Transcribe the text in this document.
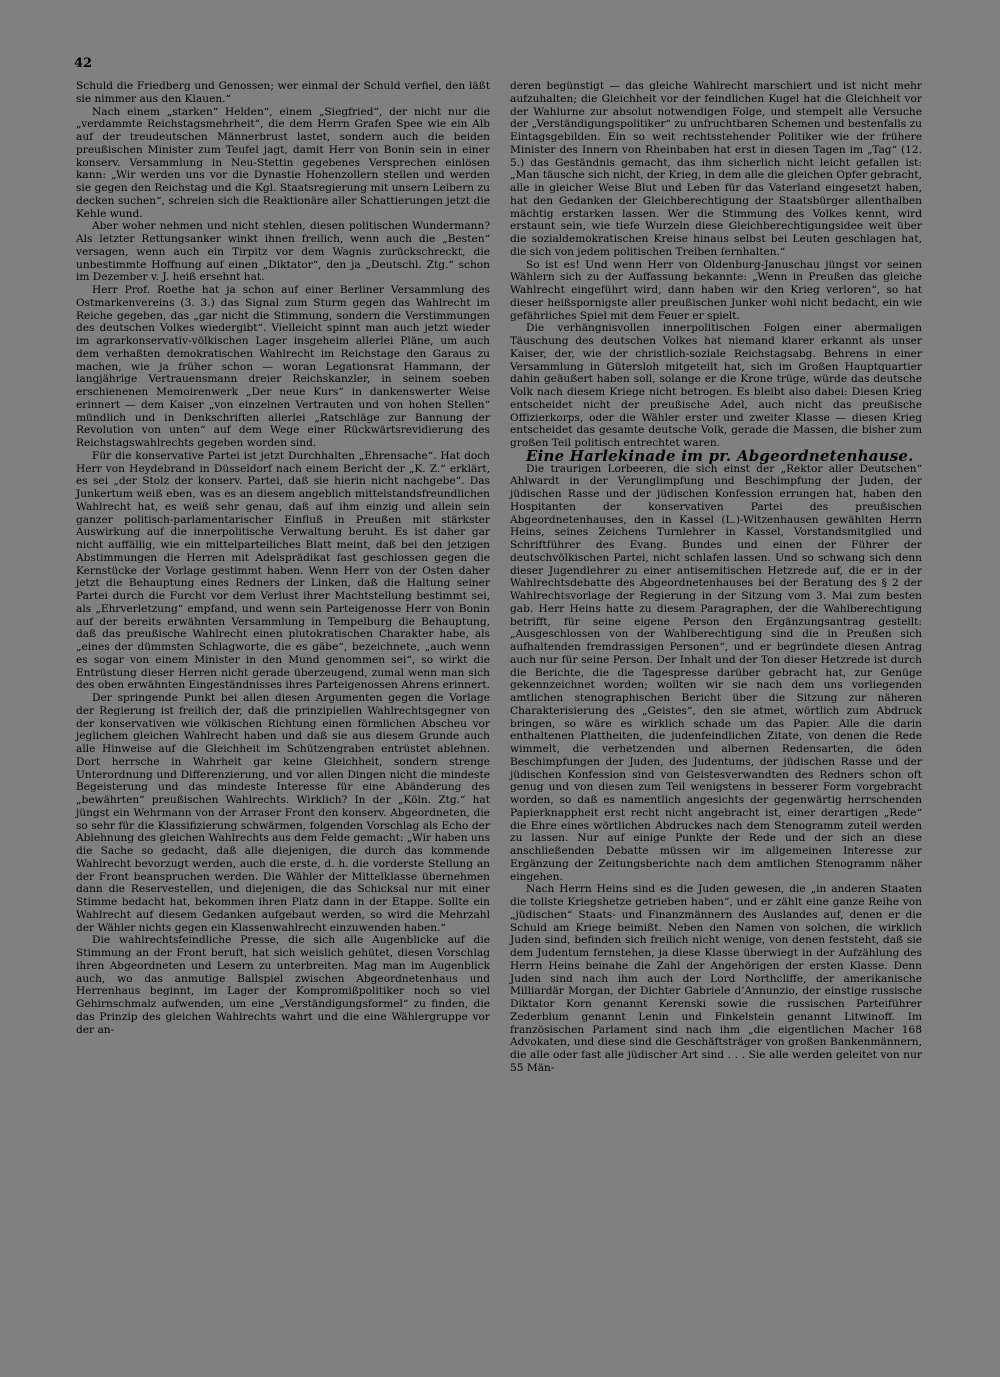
42

Schuld die Friedberg und Genossen; wer einmal der Schuld verfiel, den läßt sie nimmer aus den Klauen.“

Nach einem „starken“ Helden“, einem „Siegfried“, der nicht nur die „verdammte Reichstagsmehrheit“, die dem Herrn Grafen Spee wie ein Alb auf der treudeutschen Männerbrust lastet, sondern auch die beiden preußischen Minister zum Teufel jagt, damit Herr von Bonin sein in einer konserv. Versammlung in Neu-Stettin gegebenes Versprechen einlösen kann: „Wir werden uns vor die Dynastie Hohenzollern stellen und werden sie gegen den Reichstag und die Kgl. Staatsregierung mit unsern Leibern zu decken suchen“, schreien sich die Reaktionäre aller Schattierungen jetzt die Kehle wund.

Aber woher nehmen und nicht stehlen, diesen politischen Wundermann? Als letzter Rettungsanker winkt ihnen freilich, wenn auch die „Besten“ versagen, wenn auch ein Tirpitz vor dem Wagnis zurückschreckt, die unbestimmte Hoffnung auf einen „Diktator“, den ja „Deutschl. Ztg.“ schon im Dezember v. J. heiß ersehnt hat.

Herr Prof. Roethe hat ja schon auf einer Berliner Versammlung des Ostmarkenvereins (3. 3.) das Signal zum Sturm gegen das Wahlrecht im Reiche gegeben, das „gar nicht die Stimmung, sondern die Verstimmungen des deutschen Volkes wiedergibt“. Vielleicht spinnt man auch jetzt wieder im agrarkonservativ-völkischen Lager insgeheim allerlei Pläne, um auch dem verhaßten demokratischen Wahlrecht im Reichstage den Garaus zu machen, wie ja früher schon — woran Legationsrat Hammann, der langjährige Vertrauensmann dreier Reichskanzler, in seinem soeben erschienenen Memoirenwerk „Der neue Kurs“ in dankenswerter Weise erinnert — dem Kaiser „von einzelnen Vertrauten und von hohen Stellen“ mündlich und in Denkschriften allerlei „Ratschläge zur Bannung der Revolution von unten“ auf dem Wege einer Rückwärtsrevidierung des Reichstagswahlrechts gegeben worden sind.

Für die konservative Partei ist jetzt Durchhalten „Ehrensache“. Hat doch Herr von Heydebrand in Düsseldorf nach einem Bericht der „K. Z.“ erklärt, es sei „der Stolz der konserv. Partei, daß sie hierin nicht nachgebe“. Das Junkertum weiß eben, was es an diesem angeblich mittelstandsfreundlichen Wahlrecht hat, es weiß sehr genau, daß auf ihm einzig und allein sein ganzer politisch-parlamentarischer Einfluß in Preußen mit stärkster Auswirkung auf die innerpolitische Verwaltung beruht. Es ist daher gar nicht auffällig, wie ein mittelparteiliches Blatt meint, daß bei den jetzigen Abstimmungen die Herren mit Adelsprädikat fast geschlossen gegen die Kernstücke der Vorlage gestimmt haben. Wenn Herr von der Osten daher jetzt die Behauptung eines Redners der Linken, daß die Haltung seiner Partei durch die Furcht vor dem Verlust ihrer Machtstellung bestimmt sei, als „Ehrverletzung“ empfand, und wenn sein Parteigenosse Herr von Bonin auf der bereits erwähnten Versammlung in Tempelburg die Behauptung, daß das preußische Wahlrecht einen plutokratischen Charakter habe, als „eines der dümmsten Schlagworte, die es gäbe“, bezeichnete, „auch wenn es sogar von einem Minister in den Mund genommen sei“, so wirkt die Entrüstung dieser Herren nicht gerade überzeugend, zumal wenn man sich des oben erwähnten Eingeständnisses ihres Parteigenossen Ahrens erinnert.

Der springende Punkt bei allen diesen Argumenten gegen die Vorlage der Regierung ist freilich der, daß die prinzipiellen Wahlrechtsgegner von der konservativen wie völkischen Richtung einen förmlichen Abscheu vor jeglichem gleichen Wahlrecht haben und daß sie aus diesem Grunde auch alle Hinweise auf die Gleichheit im Schützengraben entrüstet ablehnen. Dort herrsche in Wahrheit gar keine Gleichheit, sondern strenge Unterordnung und Differenzierung, und vor allen Dingen nicht die mindeste Begeisterung und das mindeste Interesse für eine Abänderung des „bewährten“ preußischen Wahlrechts. Wirklich? In der „Köln. Ztg.“ hat jüngst ein Wehrmann von der Arraser Front den konserv. Abgeordneten, die so sehr für die Klassifizierung schwärmen, folgenden Vorschlag als Echo der Ablehnung des gleichen Wahlrechts aus dem Felde gemacht: „Wir haben uns die Sache so gedacht, daß alle diejenigen, die durch das kommende Wahlrecht bevorzugt werden, auch die erste, d. h. die vorderste Stellung an der Front beanspruchen werden. Die Wähler der Mittelklasse übernehmen dann die Reservestellen, und diejenigen, die das Schicksal nur mit einer Stimme bedacht hat, bekommen ihren Platz dann in der Etappe. Sollte ein Wahlrecht auf diesem Gedanken aufgebaut werden, so wird die Mehrzahl der Wähler nichts gegen ein Klassenwahlrecht einzuwenden haben.“

Die wahlrechtsfeindliche Presse, die sich alle Augenblicke auf die Stimmung an der Front beruft, hat sich weislich gehütet, diesen Vorschlag ihren Abgeordneten und Lesern zu unterbreiten. Mag man im Augenblick auch, wo das anmutige Ballspiel zwischen Abgeordnetenhaus und Herrenhaus beginnt, im Lager der Kompromißpolitiker noch so viel Gehirnschmalz aufwenden, um eine „Verständigungsformel“ zu finden, die das Prinzip des gleichen Wahlrechts wahrt und die eine Wählergruppe vor der an-

deren begünstigt — das gleiche Wahlrecht marschiert und ist nicht mehr aufzuhalten; die Gleichheit vor der feindlichen Kugel hat die Gleichheit vor der Wahlurne zur absolut notwendigen Folge, und stempelt alle Versuche der „Verständigungspolitiker“ zu unfruchtbaren Schemen und bestenfalls zu Eintagsgebilden. Ein so weit rechtsstehender Politiker wie der frühere Minister des Innern von Rheinbaben hat erst in diesen Tagen im „Tag“ (12. 5.) das Geständnis gemacht, das ihm sicherlich nicht leicht gefallen ist: „Man täusche sich nicht, der Krieg, in dem alle die gleichen Opfer gebracht, alle in gleicher Weise Blut und Leben für das Vaterland eingesetzt haben, hat den Gedanken der Gleichberechtigung der Staatsbürger allenthalben mächtig erstarken lassen. Wer die Stimmung des Volkes kennt, wird erstaunt sein, wie tiefe Wurzeln diese Gleichberechtigungsidee weit über die sozialdemokratischen Kreise hinaus selbst bei Leuten geschlagen hat, die sich von jedem politischen Treiben fernhalten.“

So ist es! Und wenn Herr von Oldenburg-Januschau jüngst vor seinen Wählern sich zu der Auffassung bekannte: „Wenn in Preußen das gleiche Wahlrecht eingeführt wird, dann haben wir den Krieg verloren“, so hat dieser heißspornigste aller preußischen Junker wohl nicht bedacht, ein wie gefährliches Spiel mit dem Feuer er spielt.

Die verhängnisvollen innerpolitischen Folgen einer abermaligen Täuschung des deutschen Volkes hat niemand klarer erkannt als unser Kaiser, der, wie der christlich-soziale Reichstagsabg. Behrens in einer Versammlung in Gütersloh mitgeteilt hat, sich im Großen Hauptquartier dahin geäußert haben soll, solange er die Krone trüge, würde das deutsche Volk nach diesem Kriege nicht betrogen. Es bleibt also dabei: Diesen Krieg entscheidet nicht der preußische Adel, auch nicht das preußische Offizierkorps, oder die Wähler erster und zweiter Klasse — diesen Krieg entscheidet das gesamte deutsche Volk, gerade die Massen, die bisher zum großen Teil politisch entrechtet waren.

Eine Harlekinade im pr. Abgeordnetenhause.

Die traurigen Lorbeeren, die sich einst der „Rektor aller Deutschen“ Ahlwardt in der Verunglimpfung und Beschimpfung der Juden, der jüdischen Rasse und der jüdischen Konfession errungen hat, haben den Hospitanten der konservativen Partei des preußischen Abgeordnetenhauses, den in Kassel (L.)-Witzenhausen gewählten Herrn Heins, seines Zeichens Turnlehrer in Kassel, Vorstandsmitglied und Schriftführer des Evang. Bundes und einen der Führer der deutschvölkischen Partei, nicht schlafen lassen. Und so schwang sich denn dieser Jugendlehrer zu einer antisemitischen Hetzrede auf, die er in der Wahlrechtsdebatte des Abgeordnetenhauses bei der Beratung des § 2 der Wahlrechtsvorlage der Regierung in der Sitzung vom 3. Mai zum besten gab. Herr Heins hatte zu diesem Paragraphen, der die Wahlberechtigung betrifft, für seine eigene Person den Ergänzungsantrag gestellt: „Ausgeschlossen von der Wahlberechtigung sind die in Preußen sich aufhaltenden fremdrassigen Personen“, und er begründete diesen Antrag auch nur für seine Person. Der Inhalt und der Ton dieser Hetzrede ist durch die Berichte, die die Tagespresse darüber gebracht hat, zur Genüge gekennzeichnet worden; wollten wir sie nach dem uns vorliegenden amtlichen stenographischen Bericht über die Sitzung zur näheren Charakterisierung des „Geistes“, den sie atmet, wörtlich zum Abdruck bringen, so wäre es wirklich schade um das Papier. Alle die darin enthaltenen Plattheiten, die judenfeindlichen Zitate, von denen die Rede wimmelt, die verhetzenden und albernen Redensarten, die öden Beschimpfungen der Juden, des Judentums, der jüdischen Rasse und der jüdischen Konfession sind von Geistesverwandten des Redners schon oft genug und von diesen zum Teil wenigstens in besserer Form vorgebracht worden, so daß es namentlich angesichts der gegenwärtig herrschenden Papierknappheit erst recht nicht angebracht ist, einer derartigen „Rede“ die Ehre eines wörtlichen Abdruckes nach dem Stenogramm zuteil werden zu lassen. Nur auf einige Punkte der Rede und der sich an diese anschließenden Debatte müssen wir im allgemeinen Interesse zur Ergänzung der Zeitungsberichte nach dem amtlichen Stenogramm näher eingehen.

Nach Herrn Heins sind es die Juden gewesen, die „in anderen Staaten die tollste Kriegshetze getrieben haben“, und er zählt eine ganze Reihe von „jüdischen“ Staats- und Finanzmännern des Auslandes auf, denen er die Schuld am Kriege beimißt. Neben den Namen von solchen, die wirklich Juden sind, befinden sich freilich nicht wenige, von denen feststeht, daß sie dem Judentum fernstehen, ja diese Klasse überwiegt in der Aufzählung des Herrn Heins beinahe die Zahl der Angehörigen der ersten Klasse. Denn Juden sind nach ihm auch der Lord Northcliffe, der amerikanische Milliardär Morgan, der Dichter Gabriele d’Annunzio, der einstige russische Diktator Korn genannt Kerenski sowie die russischen Parteiführer Zederblum genannt Lenin und Finkelstein genannt Litwinoff. Im französischen Parlament sind nach ihm „die eigentlichen Macher 168 Advokaten, und diese sind die Geschäftsträger von großen Bankenmännern, die alle oder fast alle jüdischer Art sind . . . Sie alle werden geleitet von nur 55 Män-
